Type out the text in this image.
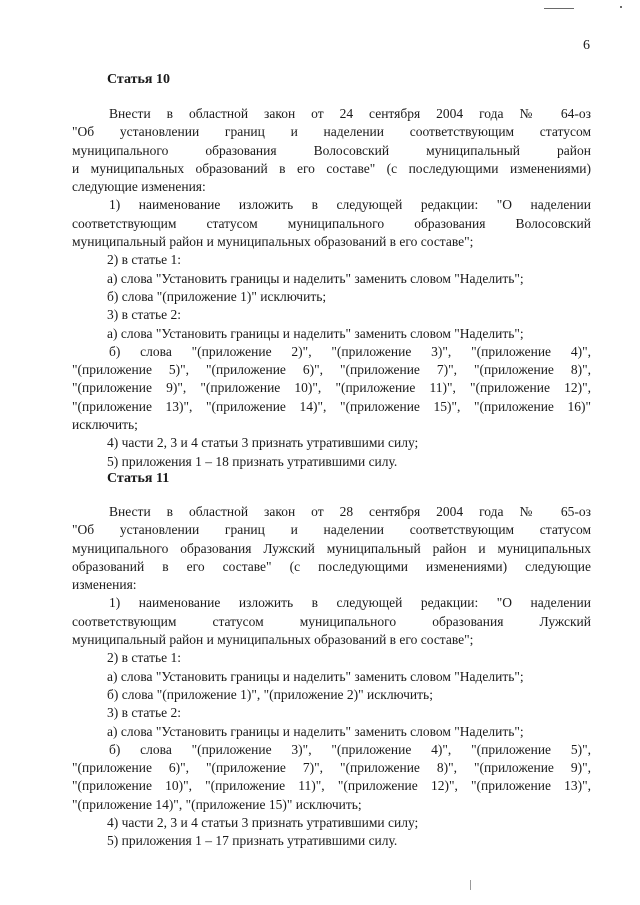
6
Статья 10
Внести в областной закон от 24 сентября 2004 года № 64-оз
"Об установлении границ и наделении соответствующим статусом
муниципального образования Волосовский муниципальный район
и муниципальных образований в его составе" (с последующими изменениями)
следующие изменения:
1) наименование изложить в следующей редакции: "О наделении
соответствующим статусом муниципального образования Волосовский
муниципальный район и муниципальных образований в его составе";
2) в статье 1:
а) слова "Установить границы и наделить" заменить словом "Наделить";
б) слова "(приложение 1)" исключить;
3) в статье 2:
а) слова "Установить границы и наделить" заменить словом "Наделить";
б) слова "(приложение 2)", "(приложение 3)", "(приложение 4)",
"(приложение 5)", "(приложение 6)", "(приложение 7)", "(приложение 8)",
"(приложение 9)", "(приложение 10)", "(приложение 11)", "(приложение 12)",
"(приложение 13)", "(приложение 14)", "(приложение 15)", "(приложение 16)"
исключить;
4) части 2, 3 и 4 статьи 3 признать утратившими силу;
5) приложения 1 – 18 признать утратившими силу.
Статья 11
Внести в областной закон от 28 сентября 2004 года № 65-оз
"Об установлении границ и наделении соответствующим статусом
муниципального образования Лужский муниципальный район и муниципальных
образований в его составе" (с последующими изменениями) следующие
изменения:
1) наименование изложить в следующей редакции: "О наделении
соответствующим статусом муниципального образования Лужский
муниципальный район и муниципальных образований в его составе";
2) в статье 1:
а) слова "Установить границы и наделить" заменить словом "Наделить";
б) слова "(приложение 1)", "(приложение 2)" исключить;
3) в статье 2:
а) слова "Установить границы и наделить" заменить словом "Наделить";
б) слова "(приложение 3)", "(приложение 4)", "(приложение 5)",
"(приложение 6)", "(приложение 7)", "(приложение 8)", "(приложение 9)",
"(приложение 10)", "(приложение 11)", "(приложение 12)", "(приложение 13)",
"(приложение 14)", "(приложение 15)" исключить;
4) части 2, 3 и 4 статьи 3 признать утратившими силу;
5) приложения 1 – 17 признать утратившими силу.
